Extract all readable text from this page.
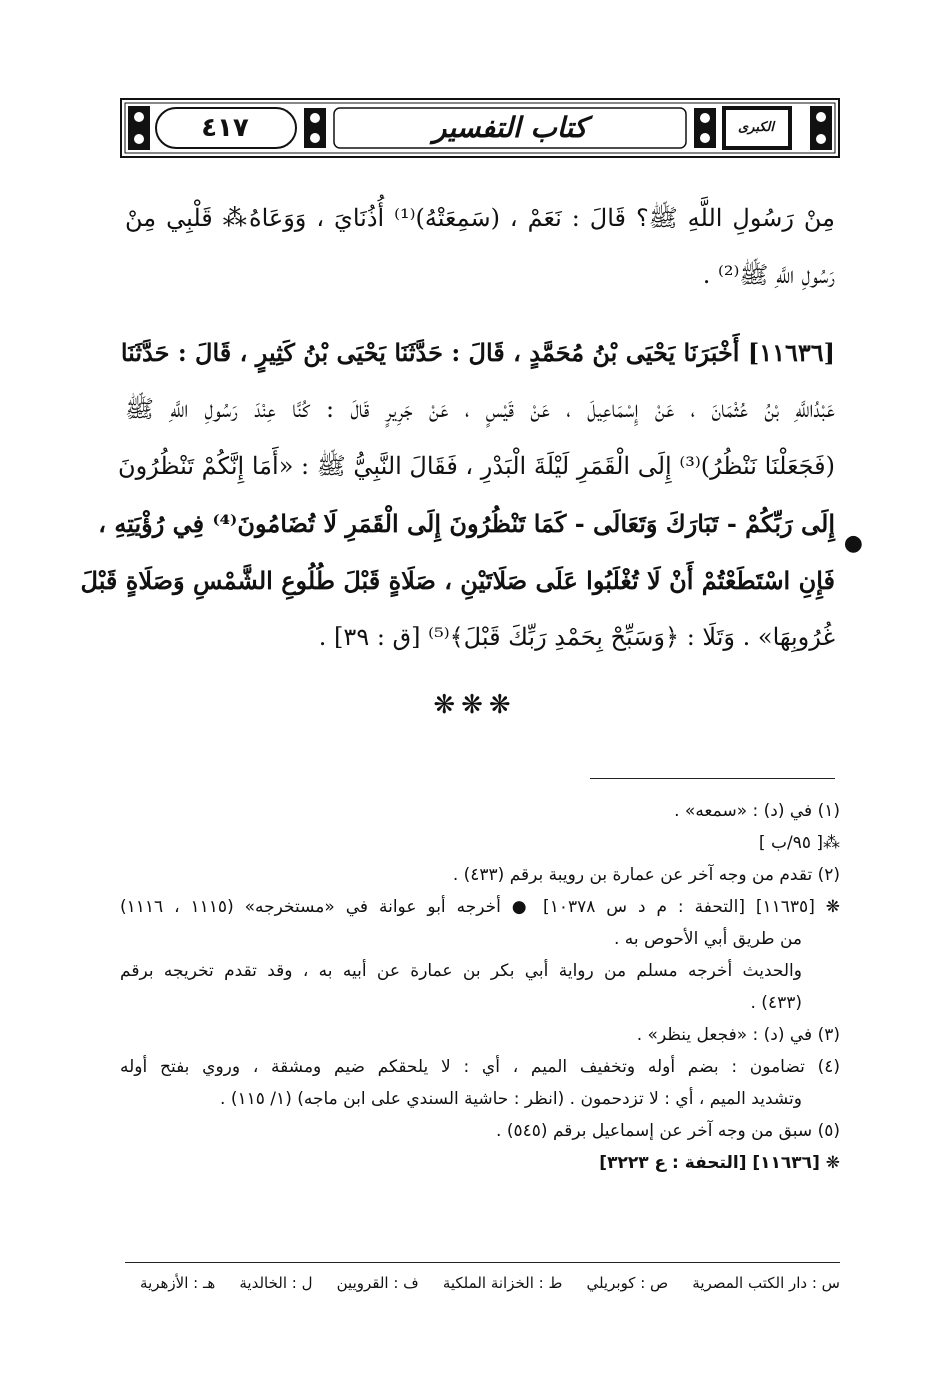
٤١٧	كتاب التفسير	الكبرى
مِنْ رَسُولِ اللَّهِ ﷺ؟ قَالَ : نَعَمْ ، (سَمِعَتْهُ)⁽¹⁾ أُذُنَايَ ، وَوَعَاهُ⁂ قَلْبِي مِنْ
رَسُولِ اللَّهِ ﷺ⁽²⁾ .
[١١٦٣٦] أَخْبَرَنَا يَحْيَى بْنُ مُحَمَّدٍ ، قَالَ : حَدَّثَنَا يَحْيَى بْنُ كَثِيرٍ ، قَالَ : حَدَّثَنَا
عَبْدُاللَّهِ بْنُ عُثْمَانَ ، عَنْ إِسْمَاعِيلَ ، عَنْ قَيْسٍ ، عَنْ جَرِيرٍ قَالَ : كُنَّا عِنْدَ رَسُولِ اللَّهِ ﷺ
(فَجَعَلْنَا نَنْظُرُ)⁽³⁾ إِلَى الْقَمَرِ لَيْلَةَ الْبَدْرِ ، فَقَالَ النَّبِيُّ ﷺ : «أَمَا إِنَّكُمْ تَنْظُرُونَ
إِلَى رَبِّكُمْ - تَبَارَكَ وَتَعَالَى - كَمَا تَنْظُرُونَ إِلَى الْقَمَرِ لَا تُضَامُونَ⁽⁴⁾ فِي رُؤْيَتِهِ ،
فَإِنِ اسْتَطَعْتُمْ أَنْ لَا تُغْلَبُوا عَلَى صَلَاتَيْنِ ، صَلَاةٍ قَبْلَ طُلُوعِ الشَّمْسِ وَصَلَاةٍ قَبْلَ
غُرُوبِهَا» . وَتَلَا : ﴿وَسَبِّحْ بِحَمْدِ رَبِّكَ قَبْلَ﴾⁽⁵⁾ [ق : ٣٩] .
●
❋❋❋
(١) في (د) : «سمعه» .
⁂[ ٩٥/ب ]
(٢) تقدم من وجه آخر عن عمارة بن رويبة برقم (٤٣٣) .
❋ [١١٦٣٥] [التحفة : م د س ١٠٣٧٨] ● أخرجه أبو عوانة في «مستخرجه» (١١١٥ ، ١١١٦)
من طريق أبي الأحوص به .
والحديث أخرجه مسلم من رواية أبي بكر بن عمارة عن أبيه به ، وقد تقدم تخريجه برقم
(٤٣٣) .
(٣) في (د) : «فجعل ينظر» .
(٤) تضامون : بضم أوله وتخفيف الميم ، أي : لا يلحقكم ضيم ومشقة ، وروي بفتح أوله
وتشديد الميم ، أي : لا تزدحمون . (انظر : حاشية السندي على ابن ماجه) (١/ ١١٥) .
(٥) سبق من وجه آخر عن إسماعيل برقم (٥٤٥) .
❋ [١١٦٣٦] [التحفة : ع ٣٢٢٣]
س : دار الكتب المصرية
ص : كوبريلي
ط : الخزانة الملكية
ف : القرويين
ل : الخالدية
هـ : الأزهرية
